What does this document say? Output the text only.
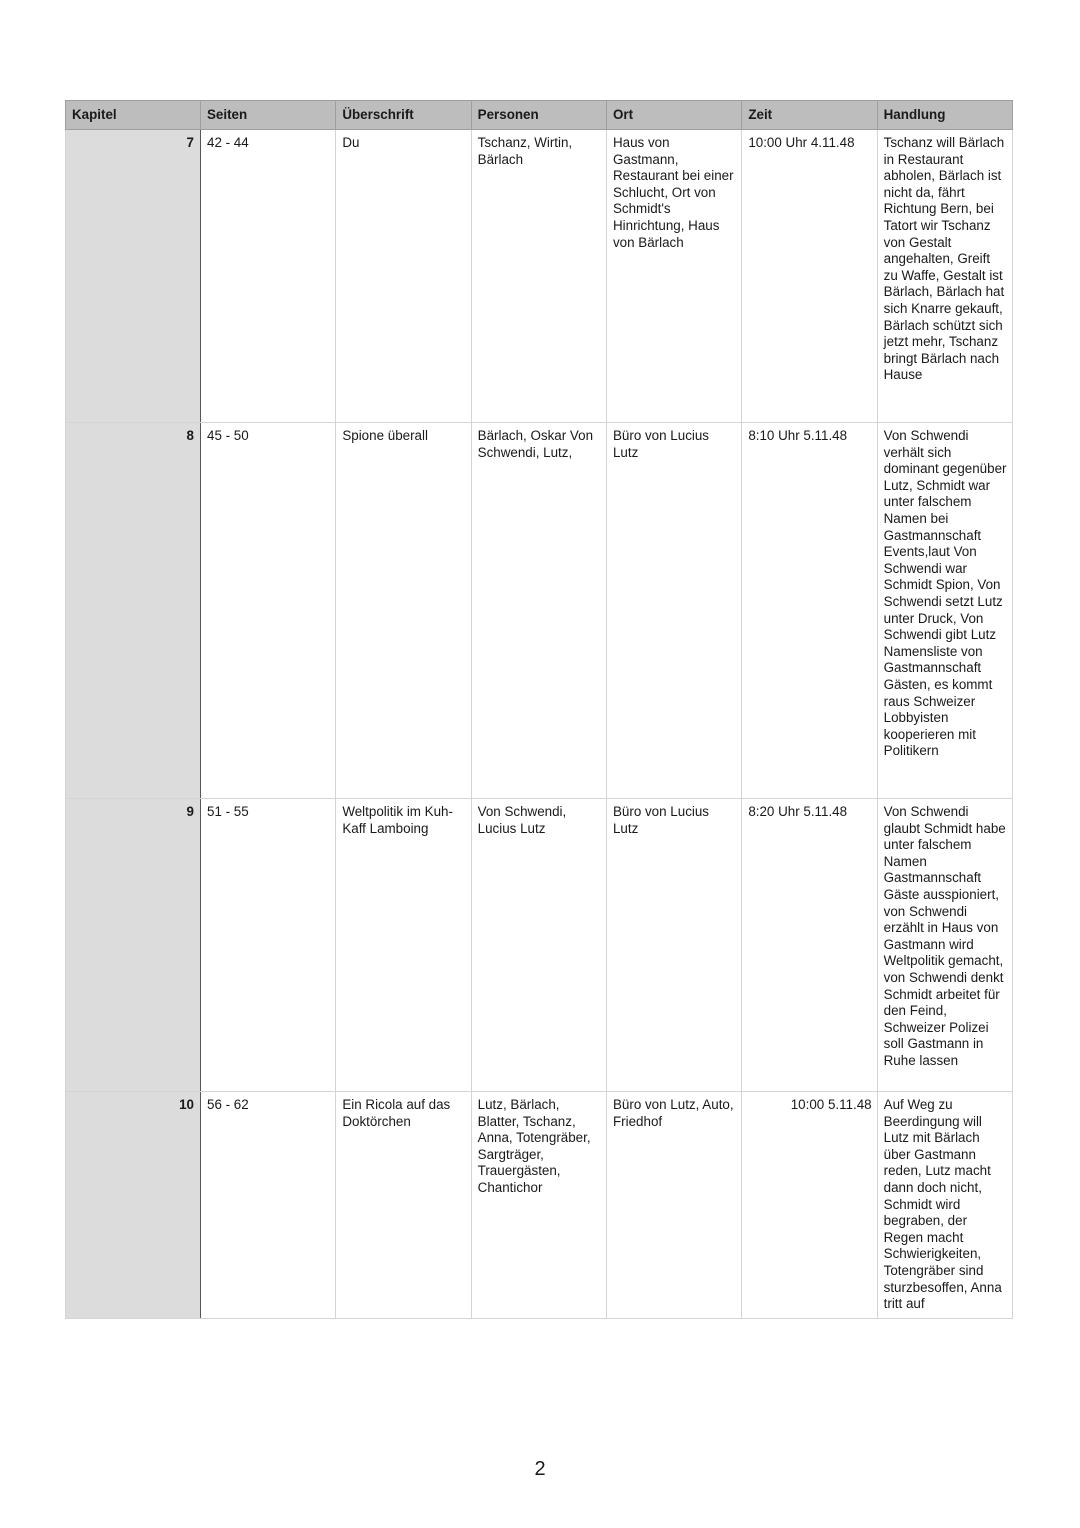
Kapitel	Seiten	Überschrift	Personen	Ort	Zeit	Handlung
7	42 - 44	Du	Tschanz, Wirtin, Bärlach	Haus von Gastmann, Restaurant bei einer Schlucht, Ort von Schmidt's Hinrichtung, Haus von Bärlach	10:00 Uhr 4.11.48	Tschanz will Bärlach in Restaurant abholen, Bärlach ist nicht da, fährt Richtung Bern, bei Tatort wir Tschanz von Gestalt angehalten, Greift zu Waffe, Gestalt ist Bärlach, Bärlach hat sich Knarre gekauft, Bärlach schützt sich jetzt mehr, Tschanz bringt Bärlach nach Hause
8	45 - 50	Spione überall	Bärlach, Oskar Von Schwendi, Lutz,	Büro von Lucius Lutz	8:10 Uhr 5.11.48	Von Schwendi verhält sich dominant gegenüber Lutz, Schmidt war unter falschem Namen bei Gastmannschaft Events,laut Von Schwendi war Schmidt Spion, Von Schwendi setzt Lutz unter Druck, Von Schwendi gibt Lutz Namensliste von Gastmannschaft Gästen, es kommt raus Schweizer Lobbyisten kooperieren mit Politikern
9	51 - 55	Weltpolitik im Kuh-Kaff Lamboing	Von Schwendi, Lucius Lutz	Büro von Lucius Lutz	8:20 Uhr 5.11.48	Von Schwendi glaubt Schmidt habe unter falschem Namen Gastmannschaft Gäste ausspioniert, von Schwendi erzählt in Haus von Gastmann wird Weltpolitik gemacht, von Schwendi denkt Schmidt arbeitet für den Feind, Schweizer Polizei soll Gastmann in Ruhe lassen
10	56 - 62	Ein Ricola auf das Doktörchen	Lutz, Bärlach, Blatter, Tschanz, Anna, Totengräber, Sargträger, Trauergästen, Chantichor	Büro von Lutz, Auto, Friedhof	10:00 5.11.48	Auf Weg zu Beerdingung will Lutz mit Bärlach über Gastmann reden, Lutz macht dann doch nicht, Schmidt wird begraben, der Regen macht Schwierigkeiten, Totengräber sind sturzbesoffen, Anna tritt auf
2
